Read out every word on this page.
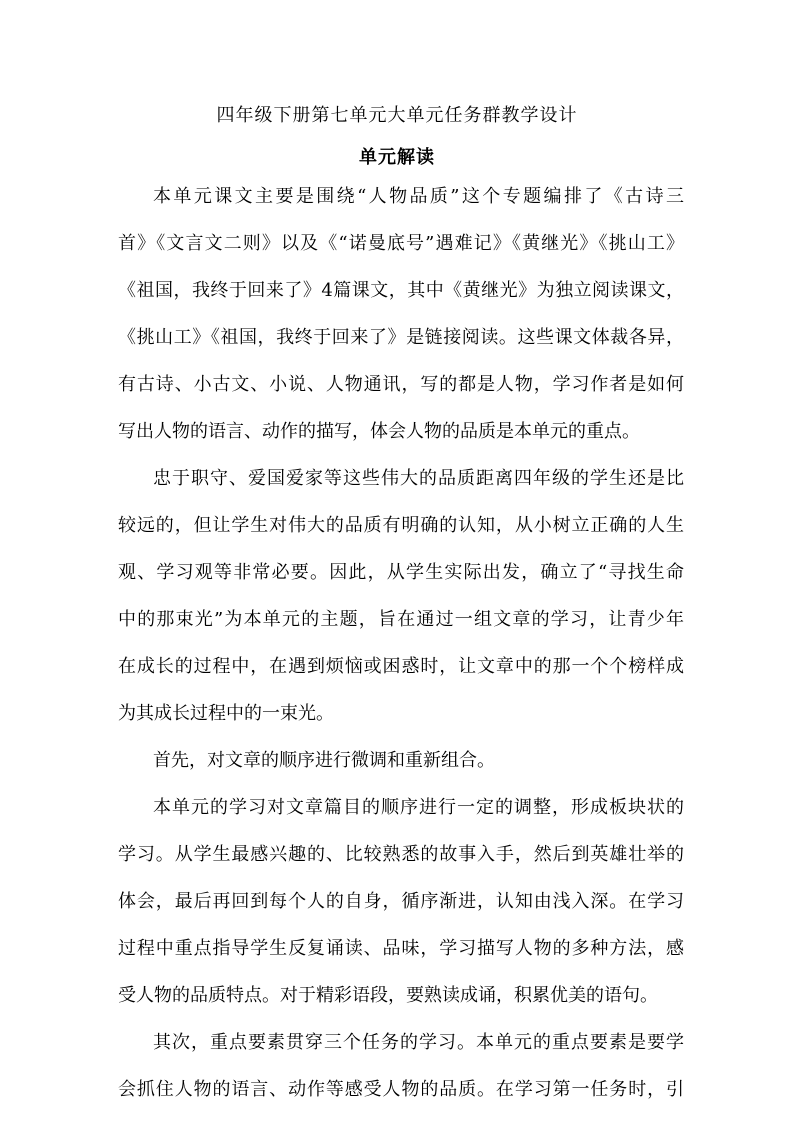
四年级下册第七单元大单元任务群教学设计
单元解读
本单元课文主要是围绕“人物品质”这个专题编排了《古诗三
首》《文言文二则》以及《“诺曼底号”遇难记》《黄继光》《挑山工》
《祖国，我终于回来了》4篇课文，其中《黄继光》为独立阅读课文，
《挑山工》《祖国，我终于回来了》是链接阅读。这些课文体裁各异，
有古诗、小古文、小说、人物通讯，写的都是人物，学习作者是如何
写出人物的语言、动作的描写，体会人物的品质是本单元的重点。
忠于职守、爱国爱家等这些伟大的品质距离四年级的学生还是比
较远的，但让学生对伟大的品质有明确的认知，从小树立正确的人生
观、学习观等非常必要。因此，从学生实际出发，确立了“寻找生命
中的那束光”为本单元的主题，旨在通过一组文章的学习，让青少年
在成长的过程中，在遇到烦恼或困惑时，让文章中的那一个个榜样成
为其成长过程中的一束光。
首先，对文章的顺序进行微调和重新组合。
本单元的学习对文章篇目的顺序进行一定的调整，形成板块状的
学习。从学生最感兴趣的、比较熟悉的故事入手，然后到英雄壮举的
体会，最后再回到每个人的自身，循序渐进，认知由浅入深。在学习
过程中重点指导学生反复诵读、品味，学习描写人物的多种方法，感
受人物的品质特点。对于精彩语段，要熟读成诵，积累优美的语句。
其次，重点要素贯穿三个任务的学习。本单元的重点要素是要学
会抓住人物的语言、动作等感受人物的品质。在学习第一任务时，引
